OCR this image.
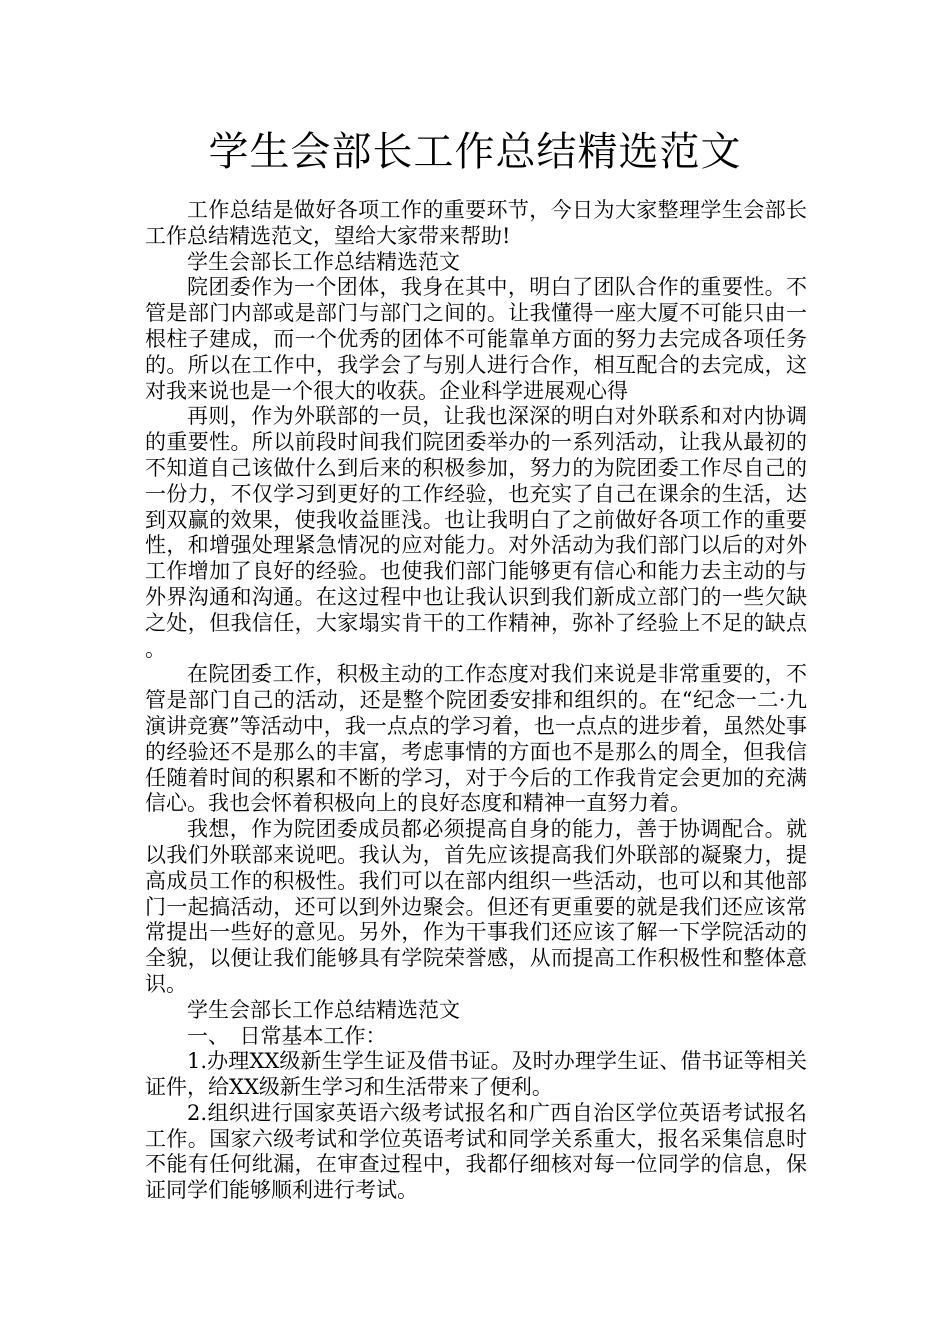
学生会部长工作总结精选范文

工作总结是做好各项工作的重要环节，今日为大家整理学生会部长工作总结精选范文，望给大家带来帮助!

学生会部长工作总结精选范文

院团委作为一个团体，我身在其中，明白了团队合作的重要性。不管是部门内部或是部门与部门之间的。让我懂得一座大厦不可能只由一根柱子建成，而一个优秀的团体不可能靠单方面的努力去完成各项任务的。所以在工作中，我学会了与别人进行合作，相互配合的去完成，这对我来说也是一个很大的收获。企业科学进展观心得

再则，作为外联部的一员，让我也深深的明白对外联系和对内协调的重要性。所以前段时间我们院团委举办的一系列活动，让我从最初的不知道自己该做什么到后来的积极参加，努力的为院团委工作尽自己的一份力，不仅学习到更好的工作经验，也充实了自己在课余的生活，达到双赢的效果，使我收益匪浅。也让我明白了之前做好各项工作的重要性，和增强处理紧急情况的应对能力。对外活动为我们部门以后的对外工作增加了良好的经验。也使我们部门能够更有信心和能力去主动的与外界沟通和沟通。在这过程中也让我认识到我们新成立部门的一些欠缺之处，但我信任，大家塌实肯干的工作精神，弥补了经验上不足的缺点。

在院团委工作，积极主动的工作态度对我们来说是非常重要的，不管是部门自己的活动，还是整个院团委安排和组织的。在“纪念一二·九演讲竞赛”等活动中，我一点点的学习着，也一点点的进步着，虽然处事的经验还不是那么的丰富，考虑事情的方面也不是那么的周全，但我信任随着时间的积累和不断的学习，对于今后的工作我肯定会更加的充满信心。我也会怀着积极向上的良好态度和精神一直努力着。

我想，作为院团委成员都必须提高自身的能力，善于协调配合。就以我们外联部来说吧。我认为，首先应该提高我们外联部的凝聚力，提高成员工作的积极性。我们可以在部内组织一些活动，也可以和其他部门一起搞活动，还可以到外边聚会。但还有更重要的就是我们还应该常常提出一些好的意见。另外，作为干事我们还应该了解一下学院活动的全貌，以便让我们能够具有学院荣誉感，从而提高工作积极性和整体意识。

学生会部长工作总结精选范文

一、　日常基本工作：

1.办理XX级新生学生证及借书证。及时办理学生证、借书证等相关证件，给XX级新生学习和生活带来了便利。

2.组织进行国家英语六级考试报名和广西自治区学位英语考试报名工作。国家六级考试和学位英语考试和同学关系重大，报名采集信息时不能有任何纰漏，在审查过程中，我都仔细核对每一位同学的信息，保证同学们能够顺利进行考试。
